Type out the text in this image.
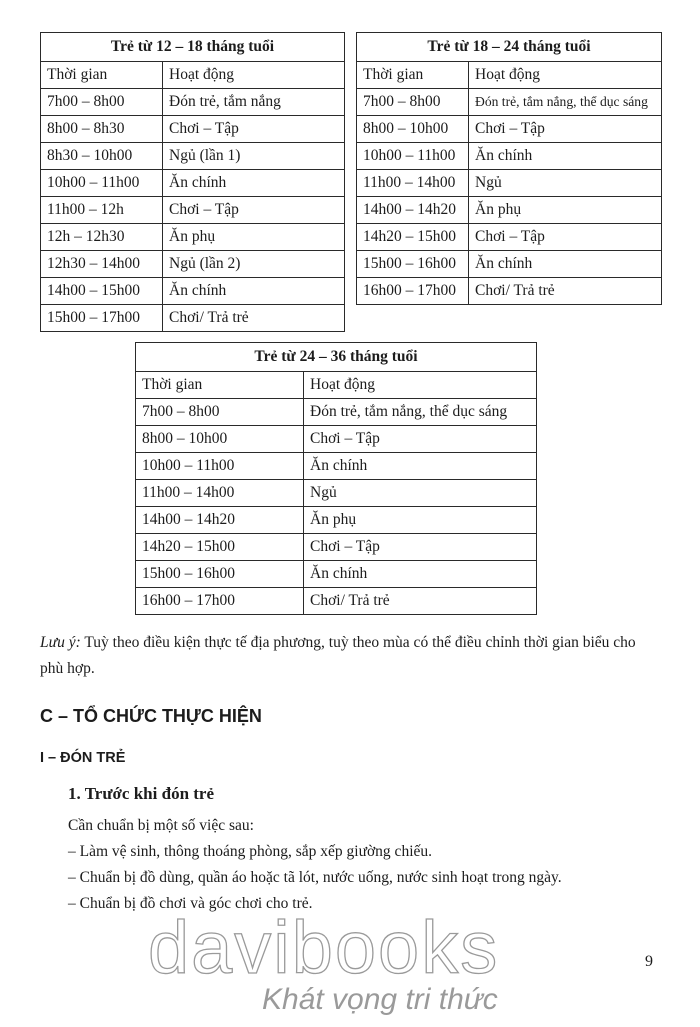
Trẻ từ 12 – 18 tháng tuổi	
Thời gian	Hoạt động
7h00 – 8h00	Đón trẻ, tắm nắng
8h00 – 8h30	Chơi – Tập
8h30 – 10h00	Ngủ (lần 1)
10h00 – 11h00	Ăn chính
11h00 – 12h	Chơi – Tập
12h – 12h30	Ăn phụ
12h30 – 14h00	Ngủ (lần 2)
14h00 – 15h00	Ăn chính
15h00 – 17h00	Chơi/ Trả trẻ
Trẻ từ 18 – 24 tháng tuổi	
Thời gian	Hoạt động
7h00 – 8h00	Đón trẻ, tắm nắng, thể dục sáng
8h00 – 10h00	Chơi – Tập
10h00 – 11h00	Ăn chính
11h00 – 14h00	Ngủ
14h00 – 14h20	Ăn phụ
14h20 – 15h00	Chơi – Tập
15h00 – 16h00	Ăn chính
16h00 – 17h00	Chơi/ Trả trẻ
Trẻ từ 24 – 36 tháng tuổi	
Thời gian	Hoạt động
7h00 – 8h00	Đón trẻ, tắm nắng, thể dục sáng
8h00 – 10h00	Chơi – Tập
10h00 – 11h00	Ăn chính
11h00 – 14h00	Ngủ
14h00 – 14h20	Ăn phụ
14h20 – 15h00	Chơi – Tập
15h00 – 16h00	Ăn chính
16h00 – 17h00	Chơi/ Trả trẻ

Lưu ý: Tuỳ theo điều kiện thực tế địa phương, tuỳ theo mùa có thể điều chỉnh thời gian biểu cho phù hợp.

C – TỔ CHỨC THỰC HIỆN
I – ĐÓN TRẺ
1. Trước khi đón trẻ
Cần chuẩn bị một số việc sau:
– Làm vệ sinh, thông thoáng phòng, sắp xếp giường chiếu.
– Chuẩn bị đồ dùng, quần áo hoặc tã lót, nước uống, nước sinh hoạt trong ngày.
– Chuẩn bị đồ chơi và góc chơi cho trẻ.
davibooks
Khát vọng tri thức
9
